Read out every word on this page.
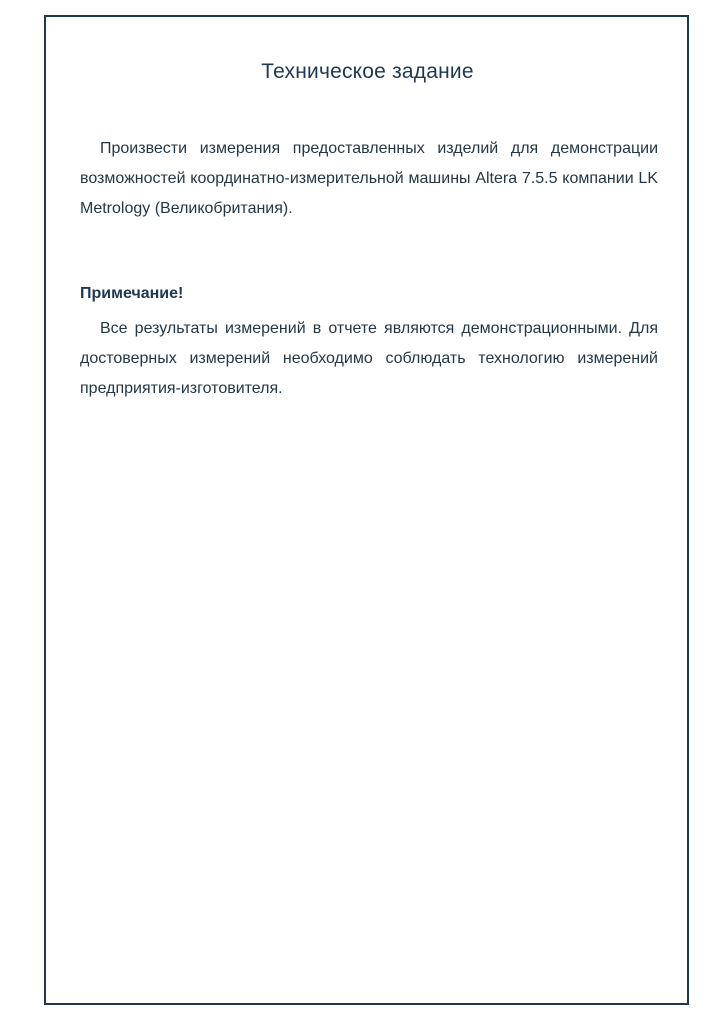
Техническое задание

Произвести измерения предоставленных изделий для демонстрации возможностей координатно-измерительной машины Altera 7.5.5 компании LK Metrology (Великобритания).

Примечание!

Все результаты измерений в отчете являются демонстрационными. Для достоверных измерений необходимо соблюдать технологию измерений предприятия-изготовителя.
